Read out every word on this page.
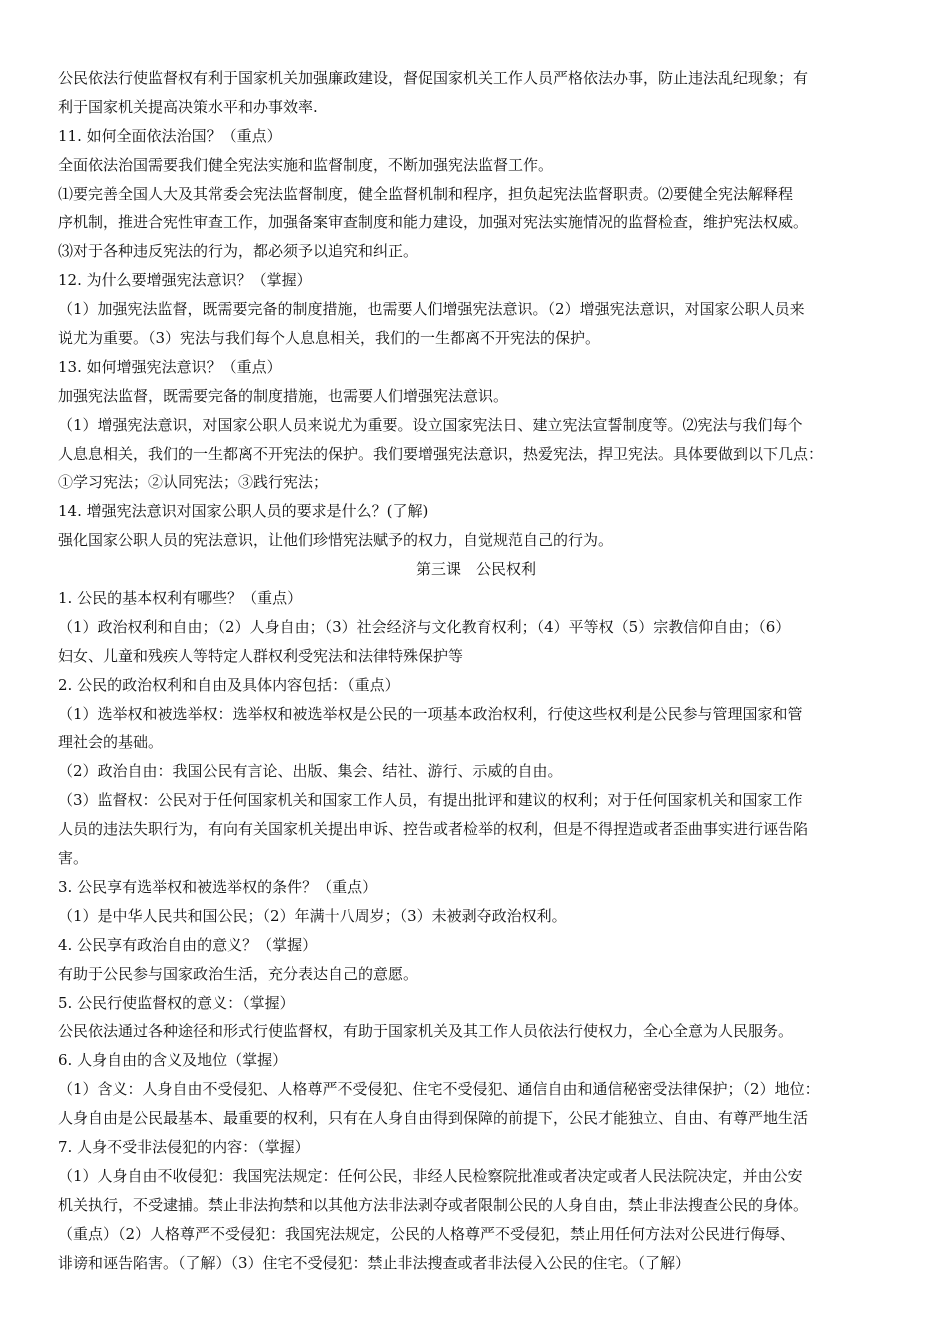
公民依法行使监督权有利于国家机关加强廉政建设，督促国家机关工作人员严格依法办事，防止违法乱纪现象；有
利于国家机关提高决策水平和办事效率.
11. 如何全面依法治国？（重点）
全面依法治国需要我们健全宪法实施和监督制度，不断加强宪法监督工作。
⑴要完善全国人大及其常委会宪法监督制度，健全监督机制和程序，担负起宪法监督职责。⑵要健全宪法解释程
序机制，推进合宪性审查工作，加强备案审查制度和能力建设，加强对宪法实施情况的监督检查，维护宪法权威。
⑶对于各种违反宪法的行为，都必须予以追究和纠正。
12. 为什么要增强宪法意识？（掌握）
（1）加强宪法监督，既需要完备的制度措施，也需要人们增强宪法意识。（2）增强宪法意识，对国家公职人员来
说尤为重要。（3）宪法与我们每个人息息相关，我们的一生都离不开宪法的保护。
13. 如何增强宪法意识？（重点）
加强宪法监督，既需要完备的制度措施，也需要人们增强宪法意识。
（1）增强宪法意识，对国家公职人员来说尤为重要。设立国家宪法日、建立宪法宣誓制度等。⑵宪法与我们每个
人息息相关，我们的一生都离不开宪法的保护。我们要增强宪法意识，热爱宪法，捍卫宪法。具体要做到以下几点：
①学习宪法；②认同宪法；③践行宪法；
14. 增强宪法意识对国家公职人员的要求是什么？(了解)
强化国家公职人员的宪法意识，让他们珍惜宪法赋予的权力，自觉规范自己的行为。
第三课　公民权利
1. 公民的基本权利有哪些？（重点）
（1）政治权利和自由；（2）人身自由；（3）社会经济与文化教育权利；（4）平等权（5）宗教信仰自由；（6）
妇女、儿童和残疾人等特定人群权利受宪法和法律特殊保护等
2. 公民的政治权利和自由及具体内容包括：（重点）
（1）选举权和被选举权：选举权和被选举权是公民的一项基本政治权利，行使这些权利是公民参与管理国家和管
理社会的基础。
（2）政治自由：我国公民有言论、出版、集会、结社、游行、示威的自由。
（3）监督权：公民对于任何国家机关和国家工作人员，有提出批评和建议的权利；对于任何国家机关和国家工作
人员的违法失职行为，有向有关国家机关提出申诉、控告或者检举的权利，但是不得捏造或者歪曲事实进行诬告陷
害。
3. 公民享有选举权和被选举权的条件？（重点）
（1）是中华人民共和国公民；（2）年满十八周岁；（3）未被剥夺政治权利。
4. 公民享有政治自由的意义？（掌握）
有助于公民参与国家政治生活，充分表达自己的意愿。
5. 公民行使监督权的意义：（掌握）
公民依法通过各种途径和形式行使监督权，有助于国家机关及其工作人员依法行使权力，全心全意为人民服务。
6. 人身自由的含义及地位（掌握）
（1）含义：人身自由不受侵犯、人格尊严不受侵犯、住宅不受侵犯、通信自由和通信秘密受法律保护；（2）地位：
人身自由是公民最基本、最重要的权利，只有在人身自由得到保障的前提下，公民才能独立、自由、有尊严地生活
7. 人身不受非法侵犯的内容：（掌握）
（1）人身自由不收侵犯：我国宪法规定：任何公民，非经人民检察院批准或者决定或者人民法院决定，并由公安
机关执行，不受逮捕。禁止非法拘禁和以其他方法非法剥夺或者限制公民的人身自由，禁止非法搜查公民的身体。
（重点）（2）人格尊严不受侵犯：我国宪法规定，公民的人格尊严不受侵犯，禁止用任何方法对公民进行侮辱、
诽谤和诬告陷害。（了解）（3）住宅不受侵犯：禁止非法搜查或者非法侵入公民的住宅。（了解）
